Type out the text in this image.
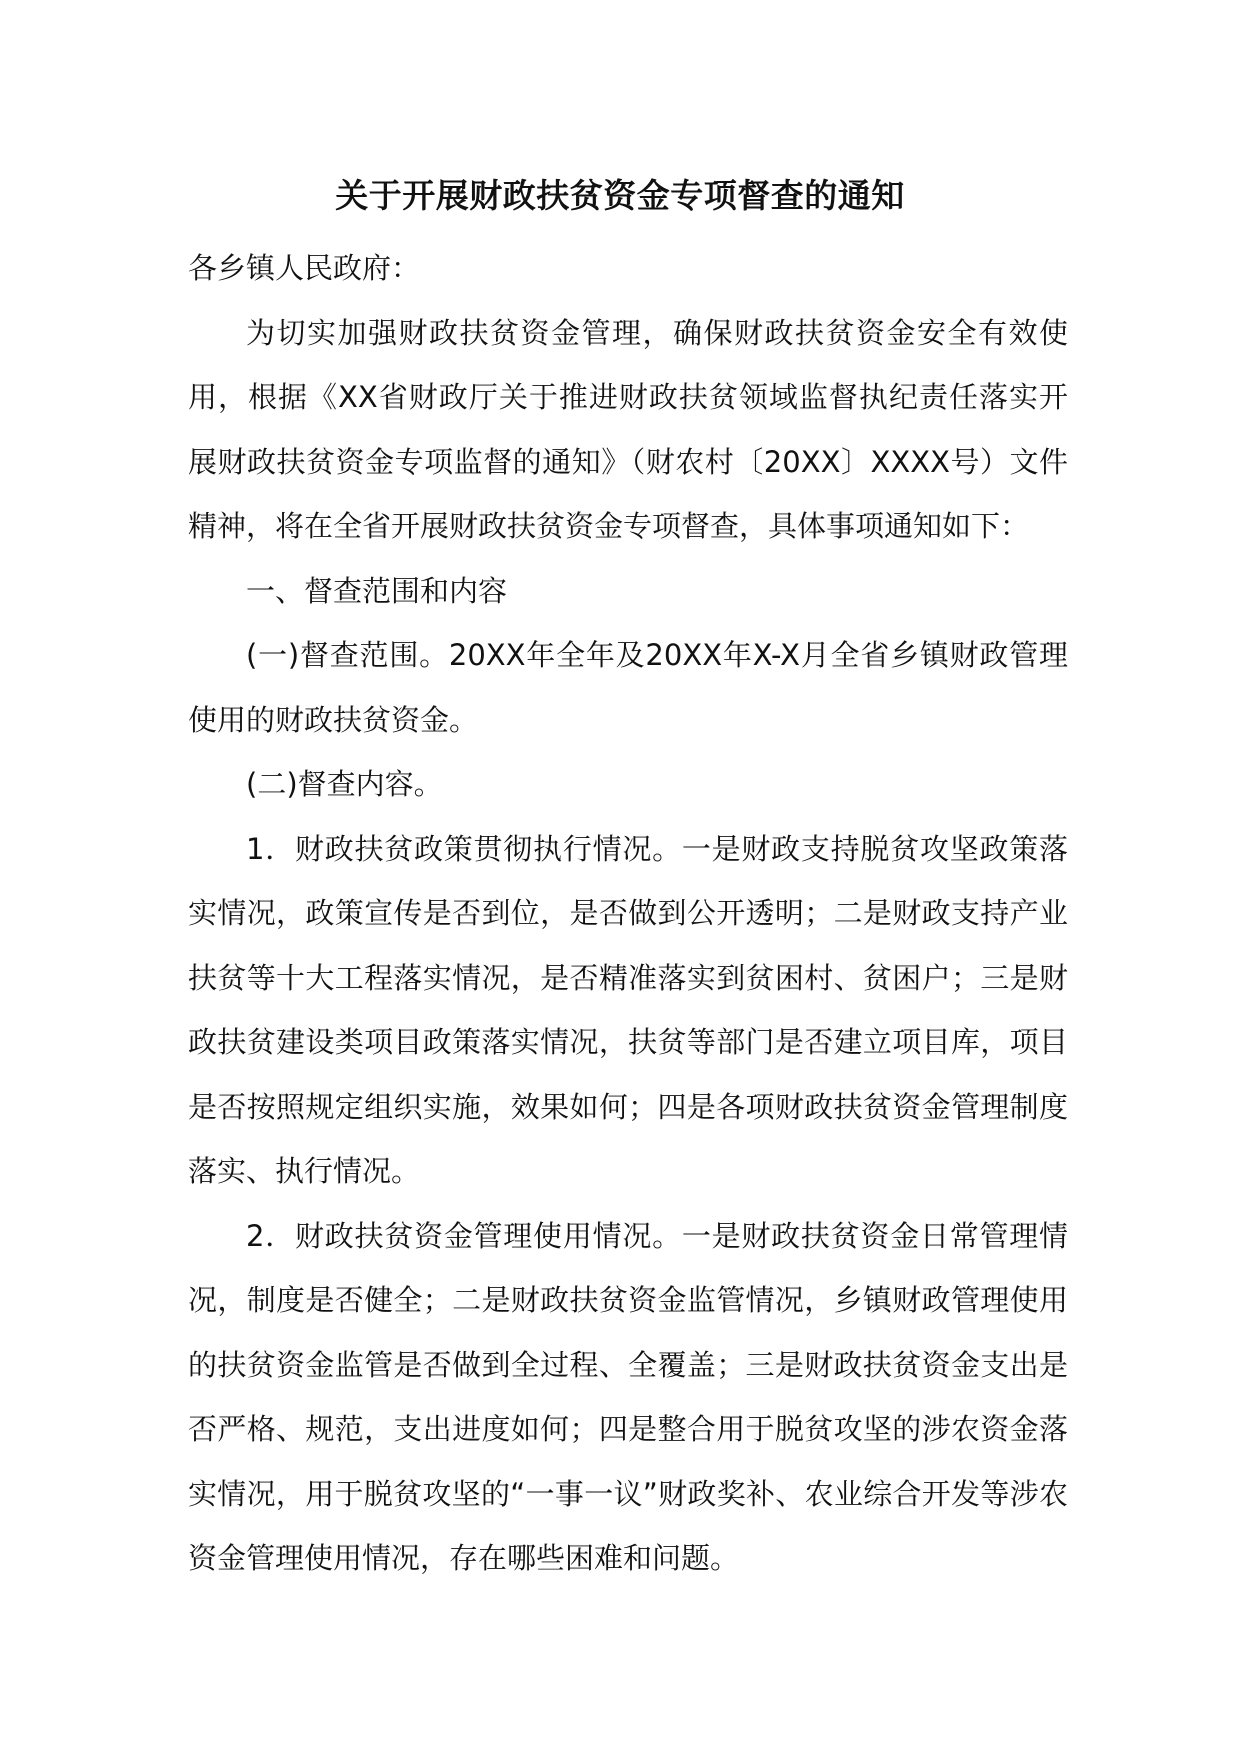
关于开展财政扶贫资金专项督查的通知

各乡镇人民政府：

为切实加强财政扶贫资金管理，确保财政扶贫资金安全有效使用，根据《XX省财政厅关于推进财政扶贫领域监督执纪责任落实开展财政扶贫资金专项监督的通知》（财农村〔20XX〕XXXX号）文件精神，将在全省开展财政扶贫资金专项督查，具体事项通知如下：

一、督查范围和内容

(一)督查范围。20XX年全年及20XX年X-X月全省乡镇财政管理使用的财政扶贫资金。

(二)督查内容。

1．财政扶贫政策贯彻执行情况。一是财政支持脱贫攻坚政策落实情况，政策宣传是否到位，是否做到公开透明；二是财政支持产业扶贫等十大工程落实情况，是否精准落实到贫困村、贫困户；三是财政扶贫建设类项目政策落实情况，扶贫等部门是否建立项目库，项目是否按照规定组织实施，效果如何；四是各项财政扶贫资金管理制度落实、执行情况。

2．财政扶贫资金管理使用情况。一是财政扶贫资金日常管理情况，制度是否健全；二是财政扶贫资金监管情况，乡镇财政管理使用的扶贫资金监管是否做到全过程、全覆盖；三是财政扶贫资金支出是否严格、规范，支出进度如何；四是整合用于脱贫攻坚的涉农资金落实情况，用于脱贫攻坚的“一事一议”财政奖补、农业综合开发等涉农资金管理使用情况，存在哪些困难和问题。
